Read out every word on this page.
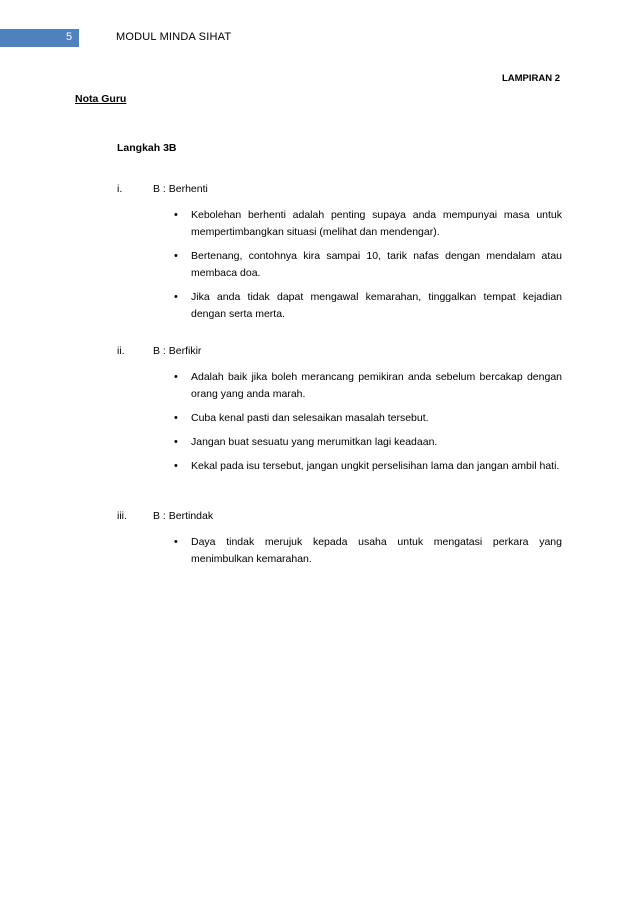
5	MODUL MINDA SIHAT
LAMPIRAN 2
Nota Guru
Langkah 3B
i.	B : Berhenti
• Kebolehan berhenti adalah penting supaya anda mempunyai masa untuk mempertimbangkan situasi (melihat dan mendengar).
• Bertenang, contohnya kira sampai 10, tarik nafas dengan mendalam atau membaca doa.
• Jika anda tidak dapat mengawal kemarahan, tinggalkan tempat kejadian dengan serta merta.
ii.	B : Berfikir
• Adalah baik jika boleh merancang pemikiran anda sebelum bercakap dengan orang yang anda marah.
• Cuba kenal pasti dan selesaikan masalah tersebut.
• Jangan buat sesuatu yang merumitkan lagi keadaan.
• Kekal pada isu tersebut, jangan ungkit perselisihan lama dan jangan ambil hati.
iii. B : Bertindak
• Daya tindak merujuk kepada usaha untuk mengatasi perkara yang menimbulkan kemarahan.
